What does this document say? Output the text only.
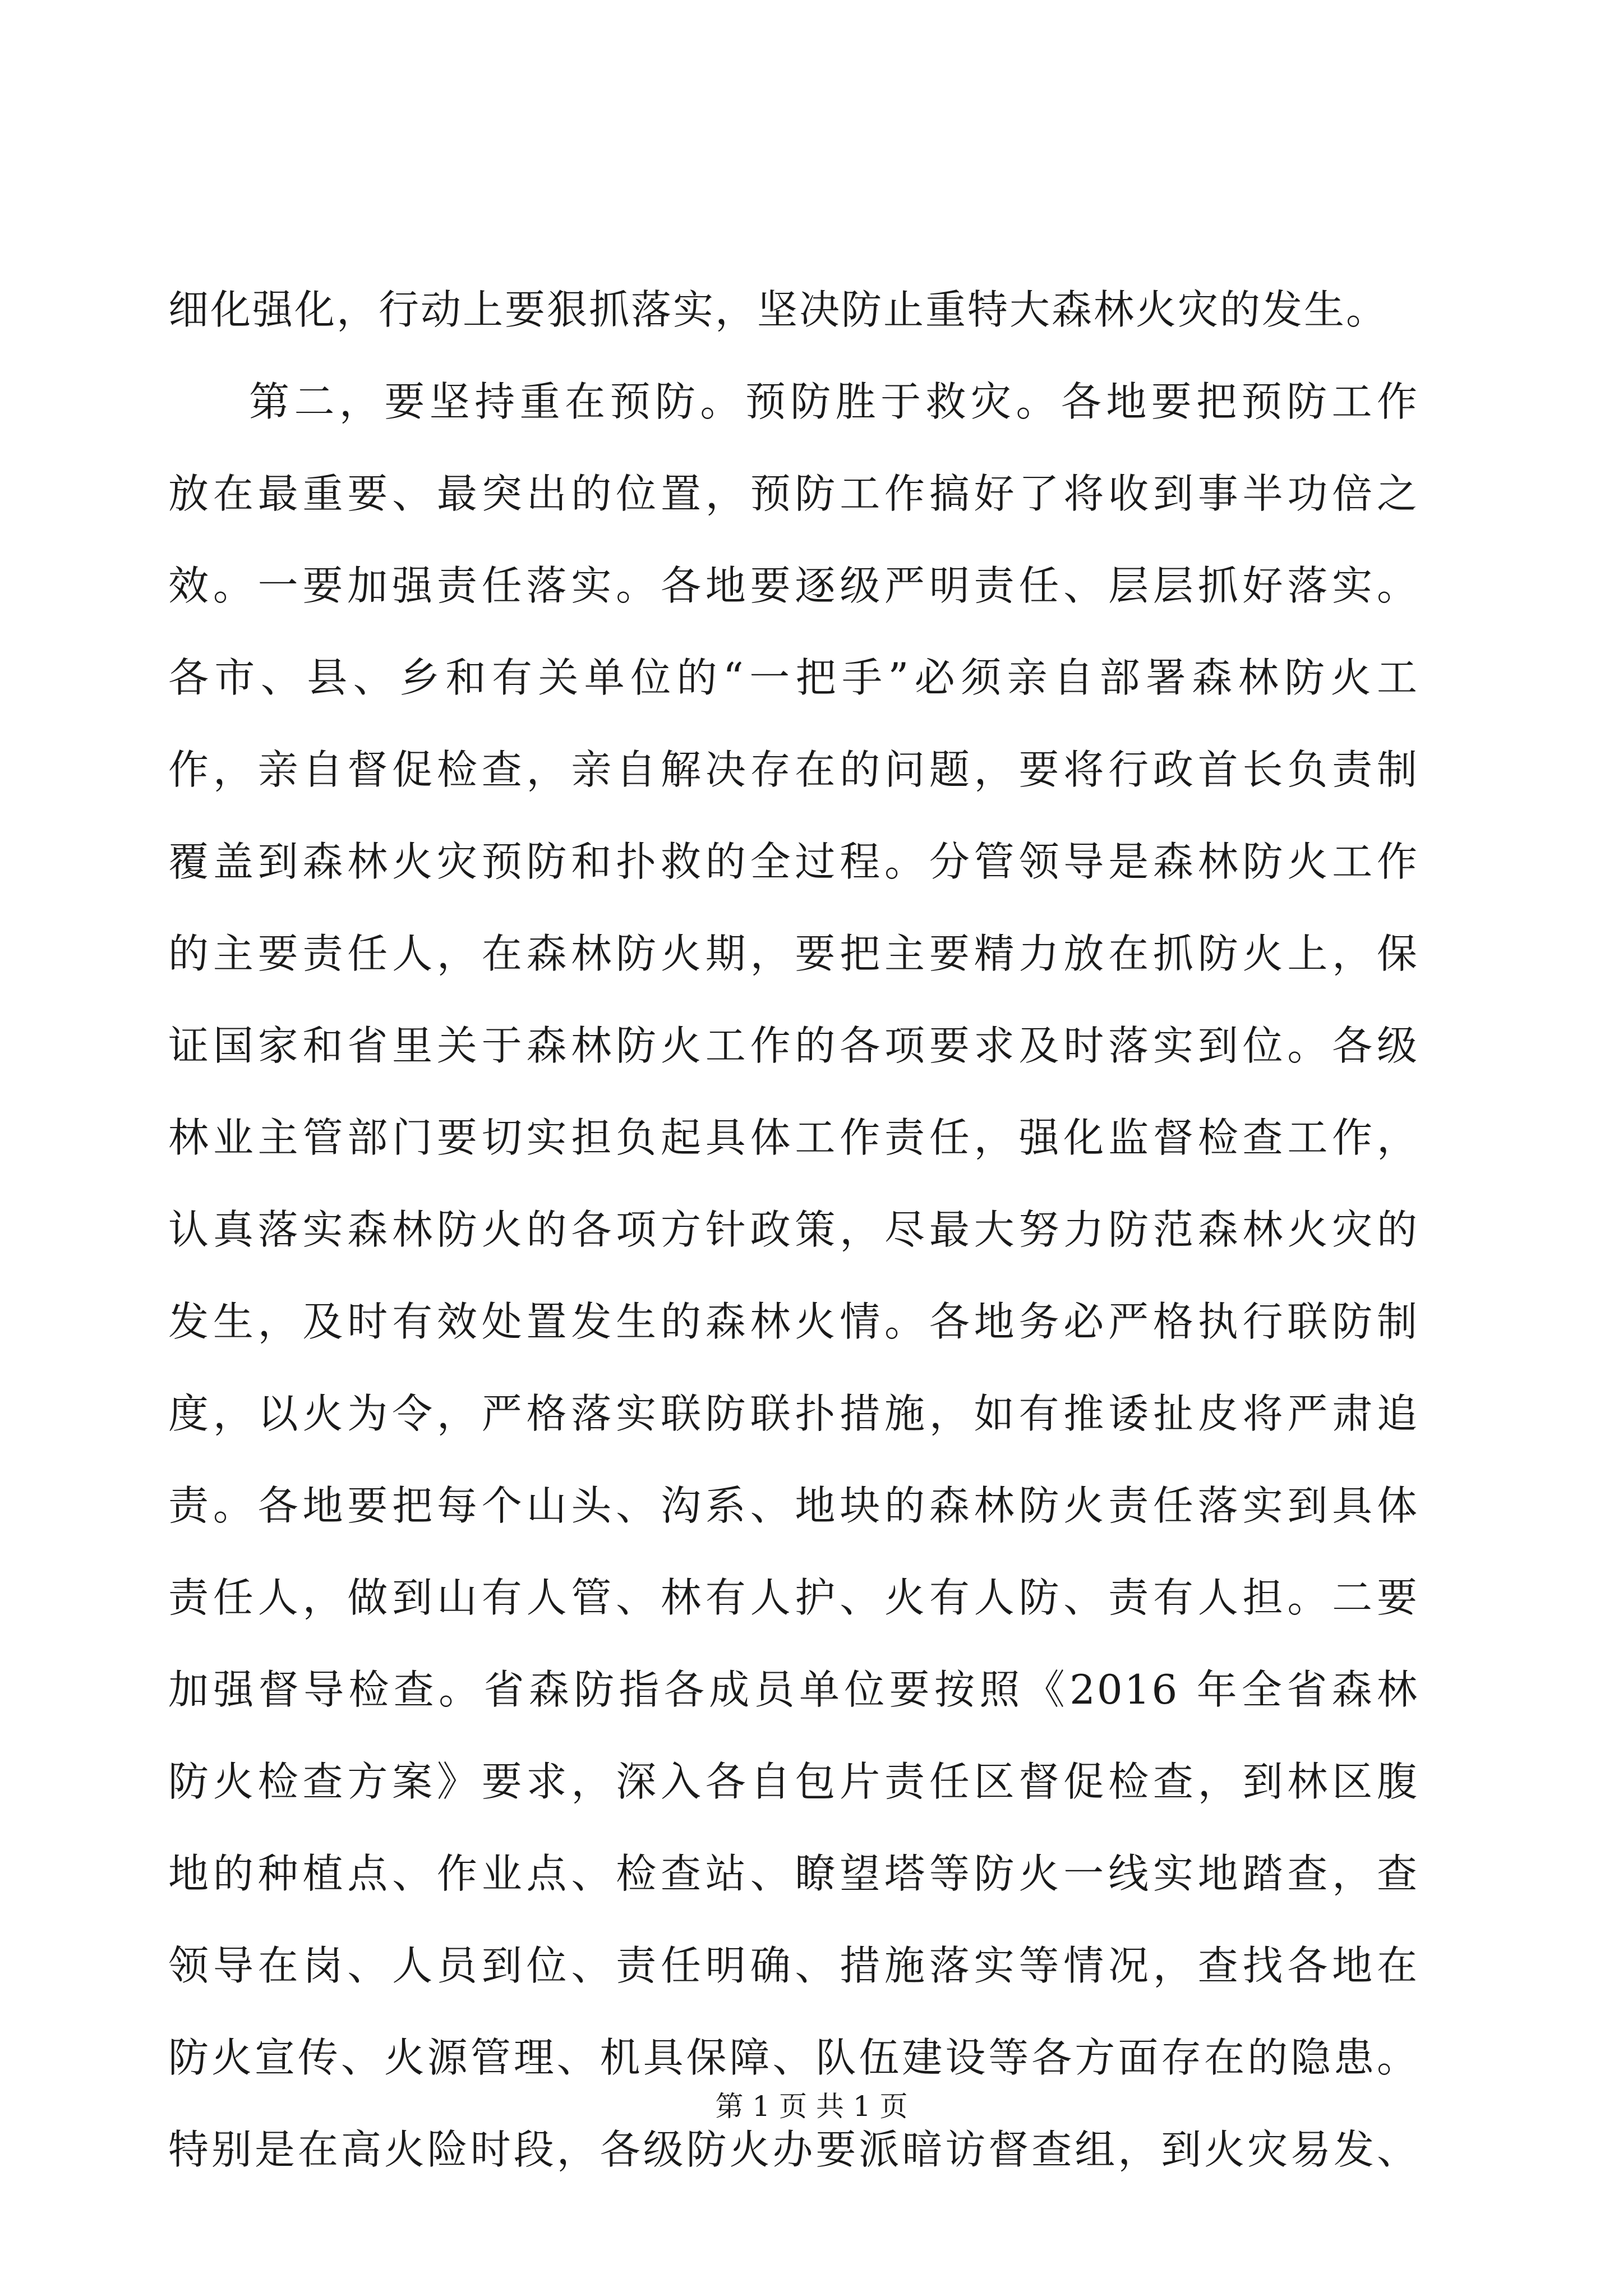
细化强化，行动上要狠抓落实，坚决防止重特大森林火灾的发生。
第二，要坚持重在预防。预防胜于救灾。各地要把预防工作
放在最重要、最突出的位置，预防工作搞好了将收到事半功倍之
效。一要加强责任落实。各地要逐级严明责任、层层抓好落实。
各市、县、乡和有关单位的“一把手”必须亲自部署森林防火工
作，亲自督促检查，亲自解决存在的问题，要将行政首长负责制
覆盖到森林火灾预防和扑救的全过程。分管领导是森林防火工作
的主要责任人，在森林防火期，要把主要精力放在抓防火上，保
证国家和省里关于森林防火工作的各项要求及时落实到位。各级
林业主管部门要切实担负起具体工作责任，强化监督检查工作，
认真落实森林防火的各项方针政策，尽最大努力防范森林火灾的
发生，及时有效处置发生的森林火情。各地务必严格执行联防制
度，以火为令，严格落实联防联扑措施，如有推诿扯皮将严肃追
责。各地要把每个山头、沟系、地块的森林防火责任落实到具体
责任人，做到山有人管、林有人护、火有人防、责有人担。二要
加强督导检查。省森防指各成员单位要按照《2016 年全省森林
防火检查方案》要求，深入各自包片责任区督促检查，到林区腹
地的种植点、作业点、检查站、瞭望塔等防火一线实地踏查，查
领导在岗、人员到位、责任明确、措施落实等情况，查找各地在
防火宣传、火源管理、机具保障、队伍建设等各方面存在的隐患。
特别是在高火险时段，各级防火办要派暗访督查组，到火灾易发、
第 1 页 共 1 页
